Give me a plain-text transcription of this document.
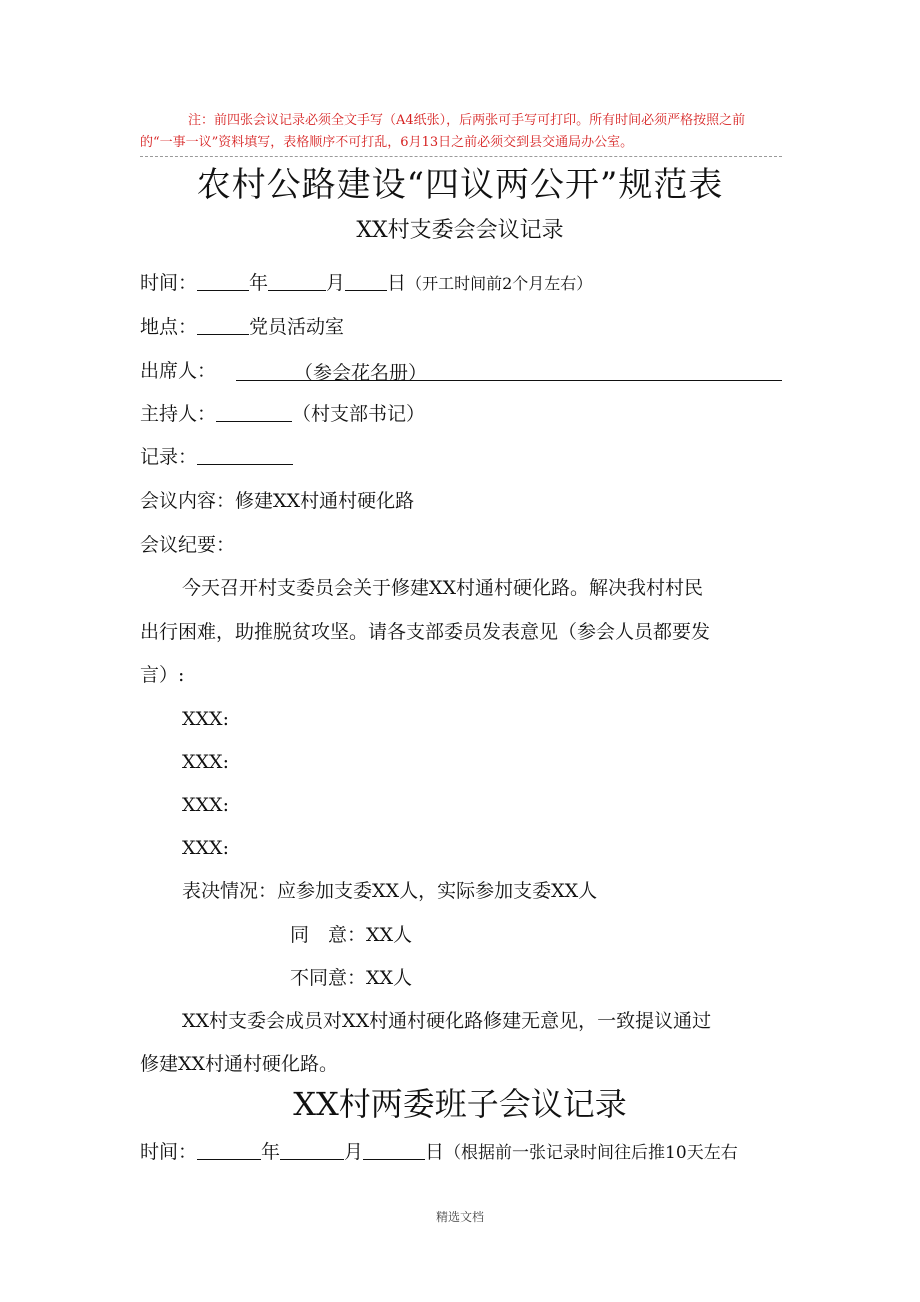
注：前四张会议记录必须全文手写（A4纸张），后两张可手写可打印。所有时间必须严格按照之前
的“一事一议”资料填写，表格顺序不可打乱，6月13日之前必须交到县交通局办公室。
农村公路建设“四议两公开”规范表
XX村支委会会议记录
时间：	年	月 日（开工时间前2个月左右）
地点：	党员活动室
出席人：	（参会花名册）
主持人：	（村支部书记）
记录：
会议内容：修建XX村通村硬化路
会议纪要：
今天召开村支委员会关于修建XX村通村硬化路。解决我村村民
出行困难，助推脱贫攻坚。请各支部委员发表意见（参会人员都要发
言）:
XXX:
XXX:
XXX:
XXX:
表决情况：应参加支委XX人，实际参加支委XX人
同　意：XX人
不同意：XX人
XX村支委会成员对XX村通村硬化路修建无意见，一致提议通过
修建XX村通村硬化路。
XX村两委班子会议记录
时间：	年	月	日（根据前一张记录时间往后推10天左右
精选文档
